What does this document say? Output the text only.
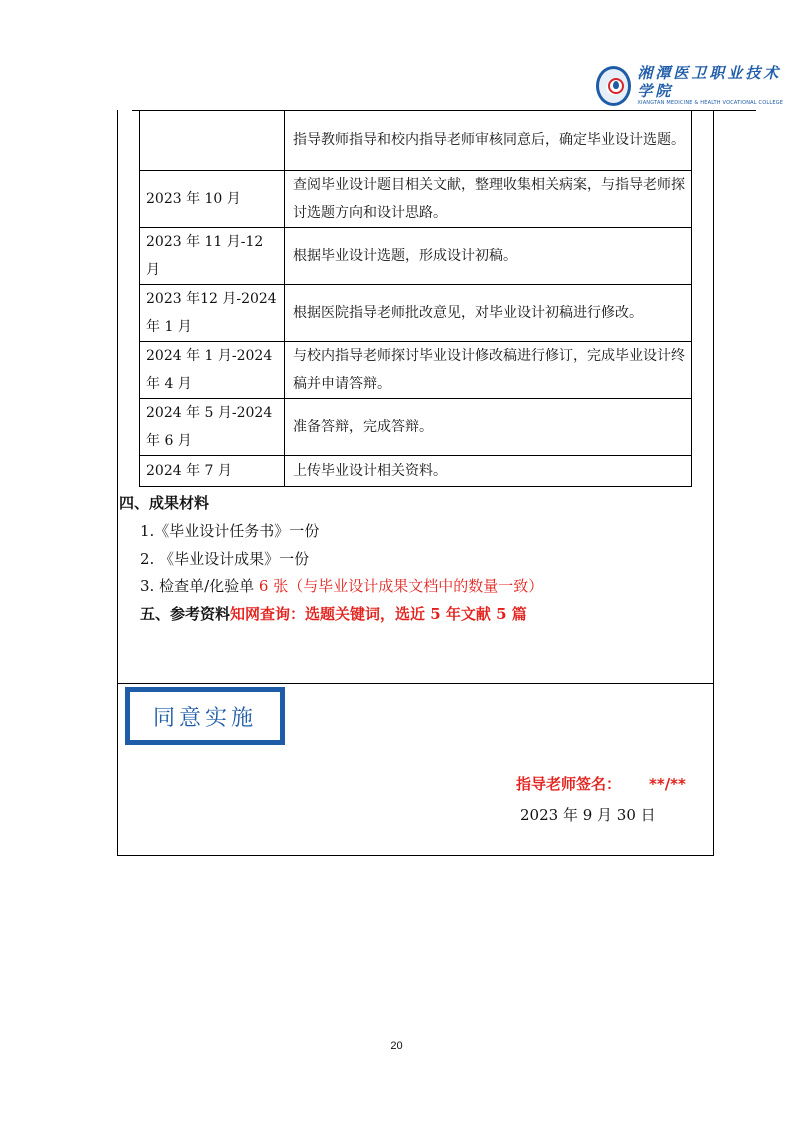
湘潭医卫职业技术学院
XIANGTAN MEDICINE & HEALTH VOCATIONAL COLLEGE
	指导教师指导和校内指导老师审核同意后，确定毕业设计选题。
2023 年 10 月	查阅毕业设计题目相关文献，整理收集相关病案，与指导老师探讨选题方向和设计思路。
2023 年 11 月-12 月	根据毕业设计选题，形成设计初稿。
2023 年12 月-2024 年 1 月	根据医院指导老师批改意见，对毕业设计初稿进行修改。
2024 年 1 月-2024 年 4 月	与校内指导老师探讨毕业设计修改稿进行修订，完成毕业设计终稿并申请答辩。
2024 年 5 月-2024 年 6 月	准备答辩，完成答辩。
2024 年 7 月	上传毕业设计相关资料。
四、成果材料
1.《毕业设计任务书》一份
2. 《毕业设计成果》一份
3. 检查单/化验单 6 张（与毕业设计成果文档中的数量一致）
五、参考资料知网查询：选题关键词，选近 5 年文献 5 篇
同意实施
指导老师签名： **/**
2023 年 9 月 30 日
20
